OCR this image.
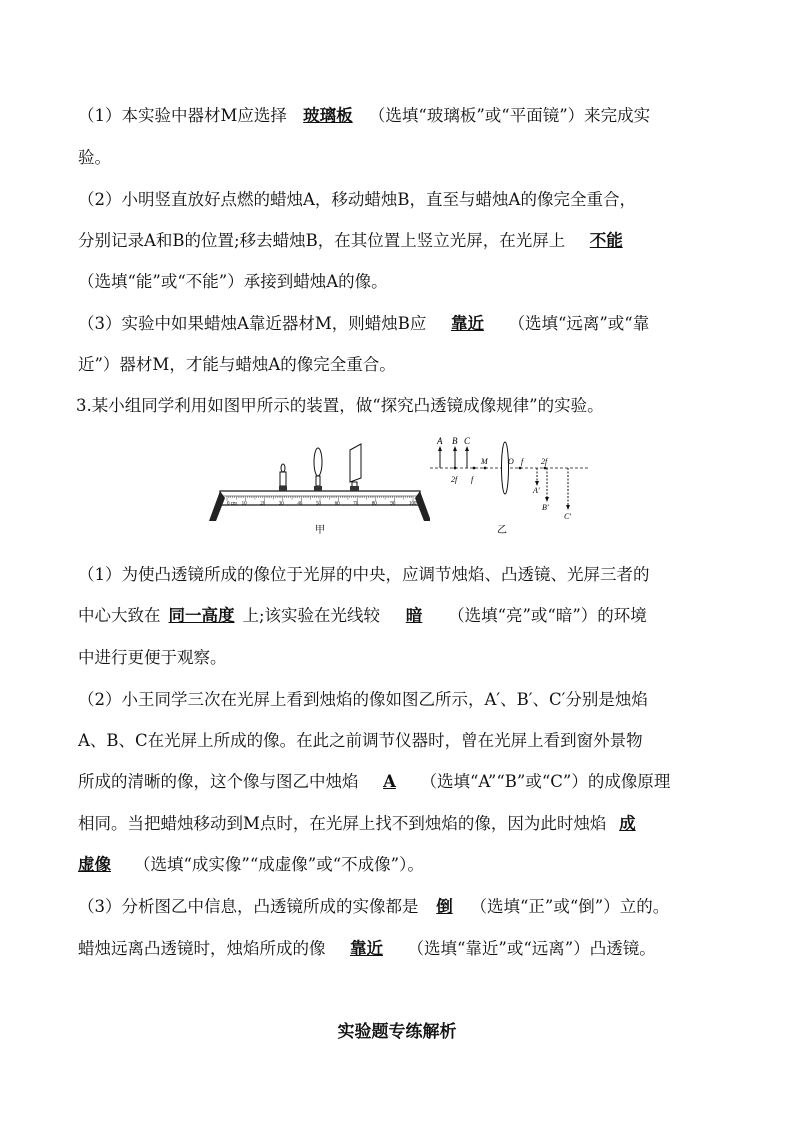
（1）本实验中器材M应选择 玻璃板 （选填“玻璃板”或“平面镜”）来完成实
验。
（2）小明竖直放好点燃的蜡烛A，移动蜡烛B，直至与蜡烛A的像完全重合，
分别记录A和B的位置;移去蜡烛B，在其位置上竖立光屏，在光屏上 不能
（选填“能”或“不能”）承接到蜡烛A的像。
（3）实验中如果蜡烛A靠近器材M，则蜡烛B应 靠近 （选填“远离”或“靠
近”）器材M，才能与蜡烛A的像完全重合。
3.某小组同学利用如图甲所示的装置，做“探究凸透镜成像规律”的实验。
0 cm 10	20	30	40	50	60	70	80	90	100
甲
A B C
2f f
M	O f 2f
A′
B′
C′
乙
（1）为使凸透镜所成的像位于光屏的中央，应调节烛焰、凸透镜、光屏三者的
中心大致在 同一高度 上;该实验在光线较 暗 （选填“亮”或“暗”）的环境
中进行更便于观察。
（2）小王同学三次在光屏上看到烛焰的像如图乙所示，A′、B′、C′分别是烛焰
A、B、C在光屏上所成的像。在此之前调节仪器时，曾在光屏上看到窗外景物
所成的清晰的像，这个像与图乙中烛焰 A （选填“A”“B”或“C”）的成像原理
相同。当把蜡烛移动到M点时，在光屏上找不到烛焰的像，因为此时烛焰 成
虚像 （选填“成实像”“成虚像”或“不成像”）。
（3）分析图乙中信息，凸透镜所成的实像都是 倒 （选填“正”或“倒”）立的。
蜡烛远离凸透镜时，烛焰所成的像 靠近 （选填“靠近”或“远离”）凸透镜。
实验题专练解析
